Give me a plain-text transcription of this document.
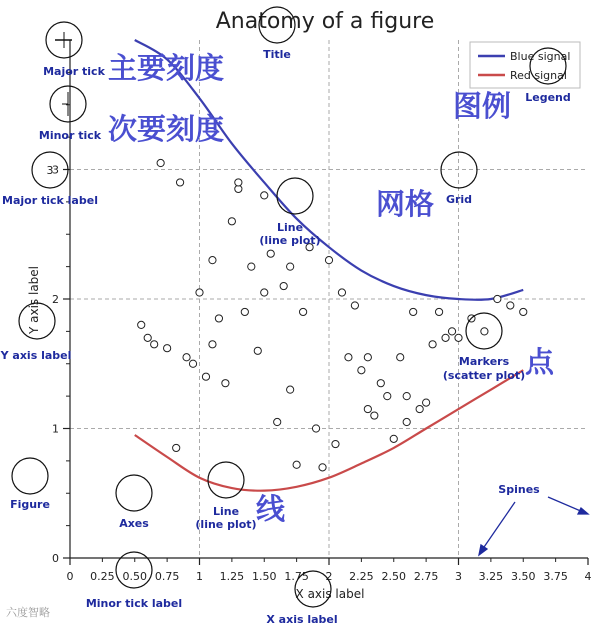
Anatomy of a figure
0	1	2	3	4
0.25 0.50 0.75	1.25 1.50 1.75	2.25 2.50 2.75	3.25 3.50 3.75
0
1
2
3
X axis label
Y axis label
Blue signal
Red signal
3
Major tick
Minor tick
Major tick label
Title
Legend
Grid
Line
(line plot)
Y axis label	Markers
(scatter plot)
Figure
Axes
Line
(line plot)
Spines
Minor tick label
X axis label
主要刻度
次要刻度
图例
网格
点
线
六度智略
